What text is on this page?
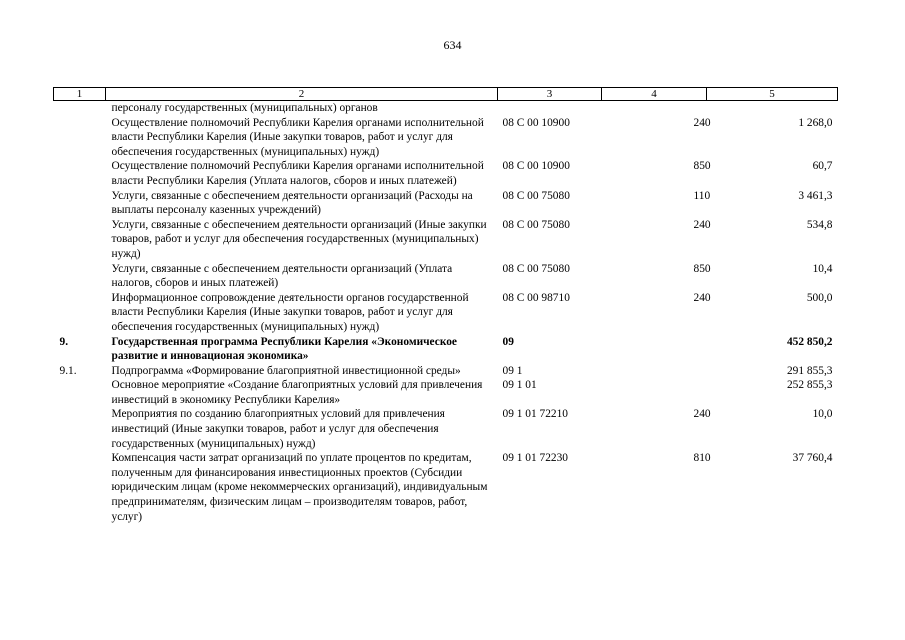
634
1	2	3	4	5
	персоналу государственных (муниципальных) органов			
	Осуществление полномочий Республики Карелия органами исполнительной власти Республики Карелия (Иные закупки товаров, работ и услуг для обеспечения государственных (муниципальных) нужд)	08 С 00 10900	240	1 268,0
	Осуществление полномочий Республики Карелия органами исполнительной власти Республики Карелия (Уплата налогов, сборов и иных платежей)	08 С 00 10900	850	60,7
	Услуги, связанные с обеспечением деятельности организаций (Расходы на выплаты персоналу казенных учреждений)	08 С 00 75080	110	3 461,3
	Услуги, связанные с обеспечением деятельности организаций (Иные закупки товаров, работ и услуг для обеспечения государственных (муниципальных) нужд)	08 С 00 75080	240	534,8
	Услуги, связанные с обеспечением деятельности организаций (Уплата налогов, сборов и иных платежей)	08 С 00 75080	850	10,4
	Информационное сопровождение деятельности органов государственной власти Республики Карелия (Иные закупки товаров, работ и услуг для обеспечения государственных (муниципальных) нужд)	08 С 00 98710	240	500,0
9.	Государственная программа Республики Карелия «Экономическое развитие и инновационая экономика»	09		452 850,2
9.1.	Подпрограмма «Формирование благоприятной инвестиционной среды»	09 1		291 855,3
	Основное мероприятие «Создание благоприятных условий для привлечения инвестиций в экономику Республики Карелия»	09 1 01		252 855,3
	Мероприятия по созданию благоприятных условий для привлечения инвестиций (Иные закупки товаров, работ и услуг для обеспечения государственных (муниципальных) нужд)	09 1 01 72210	240	10,0
	Компенсация части затрат организаций по уплате процентов по кредитам, полученным для финансирования инвестиционных проектов (Субсидии юридическим лицам (кроме некоммерческих организаций), индивидуальным предпринимателям, физическим лицам – производителям товаров, работ, услуг)	09 1 01 72230	810	37 760,4
